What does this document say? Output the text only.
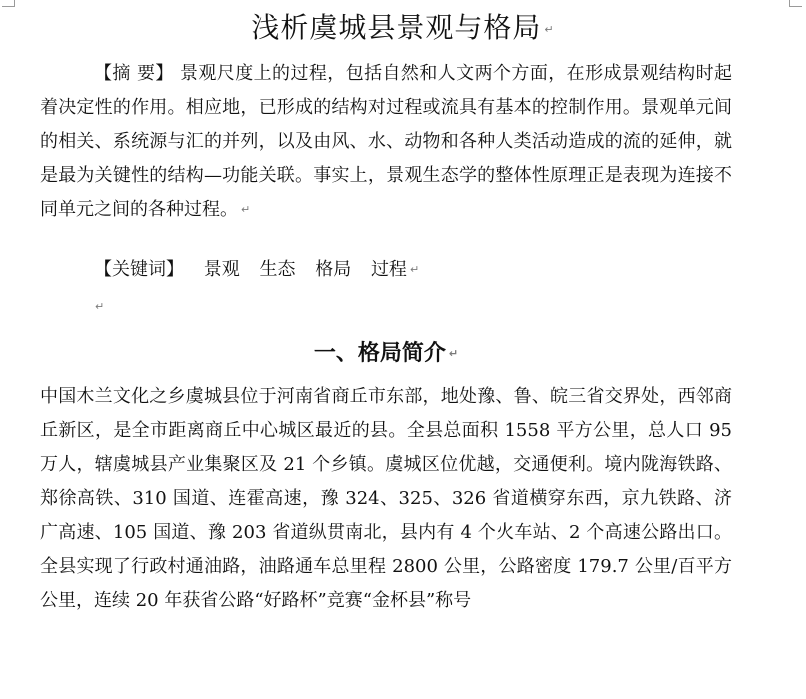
浅析虞城县景观与格局 ↵
【摘 要】 景观尺度上的过程，包括自然和人文两个方面，在形成景观结构时起着决定性的作用。相应地，已形成的结构对过程或流具有基本的控制作用。景观单元间的相关、系统源与汇的并列，以及由风、水、动物和各种人类活动造成的流的延伸，就是最为关键性的结构—功能关联。事实上，景观生态学的整体性原理正是表现为连接不同单元之间的各种过程。 ↵
【关键词】 景观 生态 格局 过程 ↵
↵
一、格局简介 ↵
中国木兰文化之乡虞城县位于河南省商丘市东部，地处豫、鲁、皖三省交界处，西邻商丘新区，是全市距离商丘中心城区最近的县。全县总面积 1558 平方公里，总人口 95 万人，辖虞城县产业集聚区及 21 个乡镇。虞城区位优越，交通便利。境内陇海铁路、郑徐高铁、310 国道、连霍高速，豫 324、325、326 省道横穿东西，京九铁路、济广高速、105 国道、豫 203 省道纵贯南北，县内有 4 个火车站、2 个高速公路出口。全县实现了行政村通油路，油路通车总里程 2800 公里，公路密度 179.7 公里/百平方公里，连续 20 年获省公路“好路杯”竞赛“金杯县”称号
